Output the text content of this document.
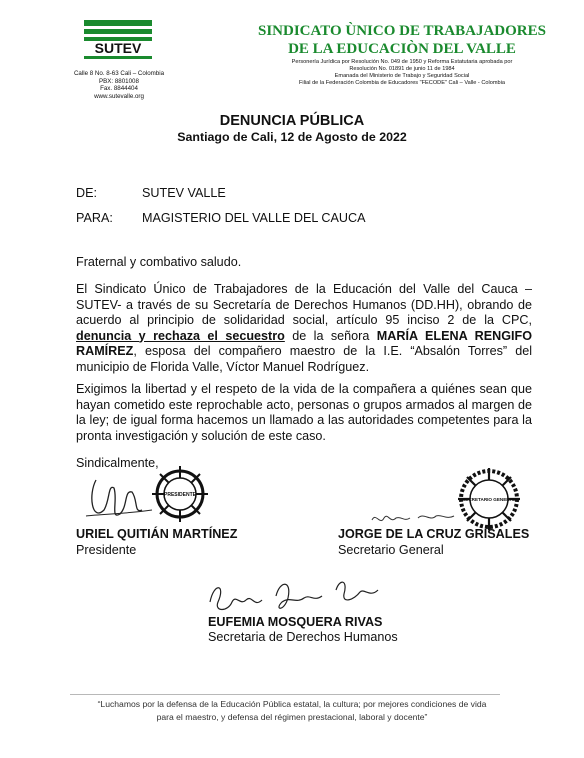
SUTEV
Calle 8 No. 8-63 Cali – Colombia
PBX: 8801008
Fax. 8844404
www.sutevalle.org
SINDICATO ÙNICO DE TRABAJADORES
DE LA EDUCACIÒN DEL VALLE
Personería Jurídica por Resolución No. 049 de 1950 y Reforma Estatutaria aprobada por
Resolución No. 01891 de junio 11 de 1984
Emanada del Ministerio de Trabajo y Seguridad Social
Filial de la Federación Colombia de Educadores "FECODE" Cali – Valle - Colombia
DENUNCIA PÚBLICA
Santiago de Cali, 12 de Agosto de 2022
DE:	SUTEV VALLE
PARA: MAGISTERIO DEL VALLE DEL CAUCA
Fraternal y combativo saludo.
El Sindicato Único de Trabajadores de la Educación del Valle del Cauca –SUTEV- a través de su Secretaría de Derechos Humanos (DD.HH), obrando de acuerdo al principio de solidaridad social, artículo 95 inciso 2 de la CPC, denuncia y rechaza el secuestro de la señora MARÍA ELENA RENGIFO RAMÍREZ, esposa del compañero maestro de la I.E. “Absalón Torres” del municipio de Florida Valle, Víctor Manuel Rodríguez.
Exigimos la libertad y el respeto de la vida de la compañera a quiénes sean que hayan cometido este reprochable acto, personas o grupos armados al margen de la ley; de igual forma hacemos un llamado a las autoridades competentes para la pronta investigación y solución de este caso.
Sindicalmente,
PRESIDENTE
URIEL QUITIÁN MARTÍNEZ
Presidente
SECRETARIO GENERAL
JORGE DE LA CRUZ GRISALES
Secretario General
EUFEMIA MOSQUERA RIVAS
Secretaria de Derechos Humanos
“Luchamos por la defensa de la Educación Pública estatal, la cultura; por mejores condiciones de vida
para el maestro, y defensa del régimen prestacional, laboral y docente”
